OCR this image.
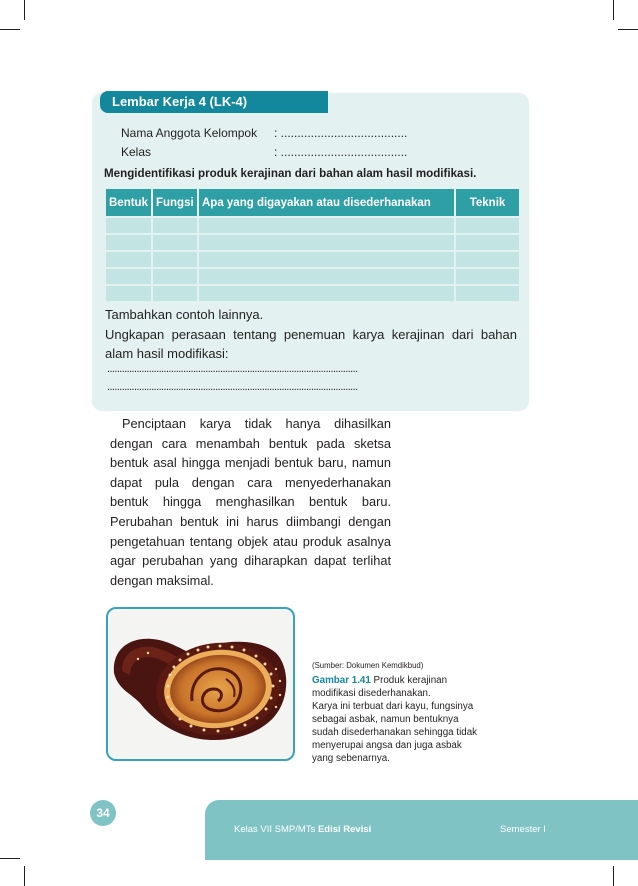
Lembar Kerja 4 (LK-4)
Nama Anggota Kelompok : ......................................
Kelas	: ......................................
Mengidentifikasi produk kerajinan dari bahan alam hasil modifikasi.
Bentuk	Fungsi	Apa yang digayakan atau disederhanakan	Teknik

Tambahkan contoh lainnya.
Ungkapan perasaan tentang penemuan karya kerajinan dari bahan
alam hasil modifikasi:
......................................................................................................
......................................................................................................
Penciptaan karya tidak hanya dihasilkan
dengan cara menambah bentuk pada sketsa
bentuk asal hingga menjadi bentuk baru, namun
dapat pula dengan cara menyederhanakan
bentuk hingga menghasilkan bentuk baru.
Perubahan bentuk ini harus diimbangi dengan
pengetahuan tentang objek atau produk asalnya
agar perubahan yang diharapkan dapat terlihat
dengan maksimal.
(Sumber: Dokumen Kemdikbud)
Gambar 1.41 Produk kerajinan
modifikasi disederhanakan.
Karya ini terbuat dari kayu, fungsinya
sebagai asbak, namun bentuknya
sudah disederhanakan sehingga tidak
menyerupai angsa dan juga asbak
yang sebenarnya.
34
Kelas VII SMP/MTs Edisi Revisi	Semester I
